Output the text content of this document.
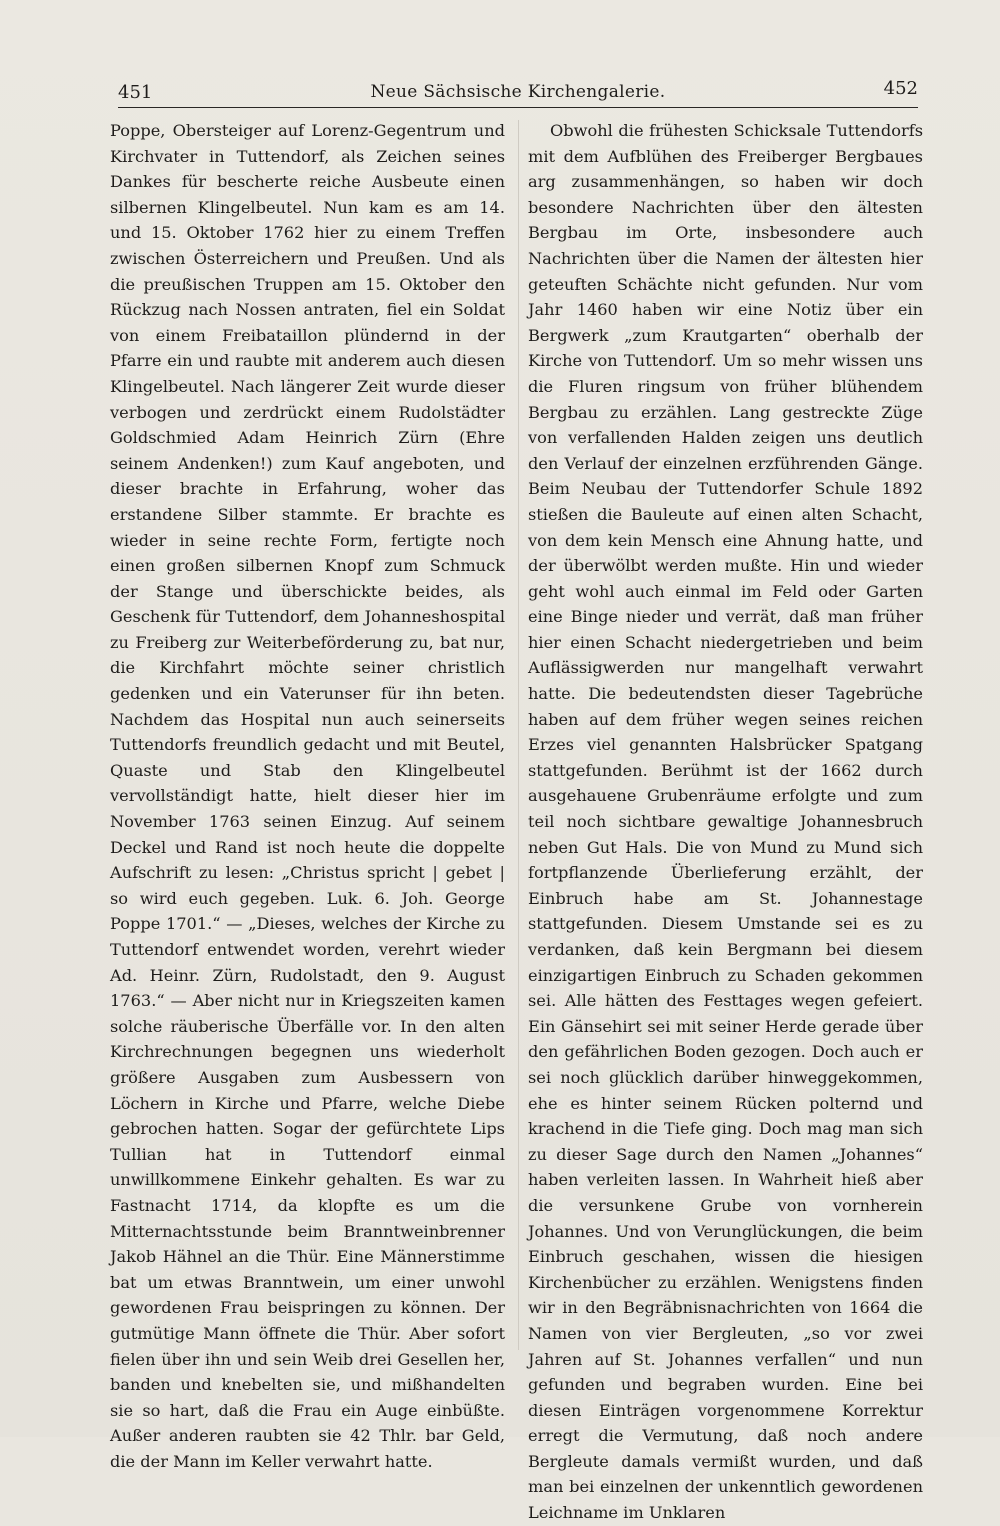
451	Neue Sächsische Kirchengalerie.	452

Poppe, Obersteiger auf Lorenz-Gegentrum und Kirchvater in Tuttendorf, als Zeichen seines Dankes für bescherte reiche Ausbeute einen silbernen Klingelbeutel. Nun kam es am 14. und 15. Oktober 1762 hier zu einem Treffen zwischen Österreichern und Preußen. Und als die preußischen Truppen am 15. Oktober den Rückzug nach Nossen antraten, fiel ein Soldat von einem Freibataillon plündernd in der Pfarre ein und raubte mit anderem auch diesen Klingelbeutel. Nach längerer Zeit wurde dieser verbogen und zerdrückt einem Rudolstädter Goldschmied Adam Heinrich Zürn (Ehre seinem Andenken!) zum Kauf angeboten, und dieser brachte in Erfahrung, woher das erstandene Silber stammte. Er brachte es wieder in seine rechte Form, fertigte noch einen großen silbernen Knopf zum Schmuck der Stange und überschickte beides, als Geschenk für Tuttendorf, dem Johanneshospital zu Freiberg zur Weiterbeförderung zu, bat nur, die Kirchfahrt möchte seiner christlich gedenken und ein Vaterunser für ihn beten. Nachdem das Hospital nun auch seinerseits Tuttendorfs freundlich gedacht und mit Beutel, Quaste und Stab den Klingelbeutel vervollständigt hatte, hielt dieser hier im November 1763 seinen Einzug. Auf seinem Deckel und Rand ist noch heute die doppelte Aufschrift zu lesen: „Christus spricht | gebet | so wird euch gegeben. Luk. 6. Joh. George Poppe 1701.“ — „Dieses, welches der Kirche zu Tuttendorf entwendet worden, verehrt wieder Ad. Heinr. Zürn, Rudolstadt, den 9. August 1763.“ — Aber nicht nur in Kriegszeiten kamen solche räuberische Überfälle vor. In den alten Kirchrechnungen begegnen uns wiederholt größere Ausgaben zum Ausbessern von Löchern in Kirche und Pfarre, welche Diebe gebrochen hatten. Sogar der gefürchtete Lips Tullian hat in Tuttendorf einmal unwillkommene Einkehr gehalten. Es war zu Fastnacht 1714, da klopfte es um die Mitternachtsstunde beim Branntweinbrenner Jakob Hähnel an die Thür. Eine Männerstimme bat um etwas Branntwein, um einer unwohl gewordenen Frau beispringen zu können. Der gutmütige Mann öffnete die Thür. Aber sofort fielen über ihn und sein Weib drei Gesellen her, banden und knebelten sie, und mißhandelten sie so hart, daß die Frau ein Auge einbüßte. Außer anderen raubten sie 42 Thlr. bar Geld, die der Mann im Keller verwahrt hatte.

Obwohl die frühesten Schicksale Tuttendorfs mit dem Aufblühen des Freiberger Bergbaues arg zusammenhängen, so haben wir doch besondere Nachrichten über den ältesten Bergbau im Orte, insbesondere auch Nachrichten über die Namen der ältesten hier geteuften Schächte nicht gefunden. Nur vom Jahr 1460 haben wir eine Notiz über ein Bergwerk „zum Krautgarten“ oberhalb der Kirche von Tuttendorf. Um so mehr wissen uns die Fluren ringsum von früher blühendem Bergbau zu erzählen. Lang gestreckte Züge von verfallenden Halden zeigen uns deutlich den Verlauf der einzelnen erzführenden Gänge. Beim Neubau der Tuttendorfer Schule 1892 stießen die Bauleute auf einen alten Schacht, von dem kein Mensch eine Ahnung hatte, und der überwölbt werden mußte. Hin und wieder geht wohl auch einmal im Feld oder Garten eine Binge nieder und verrät, daß man früher hier einen Schacht niedergetrieben und beim Auflässigwerden nur mangelhaft verwahrt hatte. Die bedeutendsten dieser Tagebrüche haben auf dem früher wegen seines reichen Erzes viel genannten Halsbrücker Spatgang stattgefunden. Berühmt ist der 1662 durch ausgehauene Grubenräume erfolgte und zum teil noch sichtbare gewaltige Johannesbruch neben Gut Hals. Die von Mund zu Mund sich fortpflanzende Überlieferung erzählt, der Einbruch habe am St. Johannestage stattgefunden. Diesem Umstande sei es zu verdanken, daß kein Bergmann bei diesem einzigartigen Einbruch zu Schaden gekommen sei. Alle hätten des Festtages wegen gefeiert. Ein Gänsehirt sei mit seiner Herde gerade über den gefährlichen Boden gezogen. Doch auch er sei noch glücklich darüber hinweggekommen, ehe es hinter seinem Rücken polternd und krachend in die Tiefe ging. Doch mag man sich zu dieser Sage durch den Namen „Johannes“ haben verleiten lassen. In Wahrheit hieß aber die versunkene Grube von vornherein Johannes. Und von Verunglückungen, die beim Einbruch geschahen, wissen die hiesigen Kirchenbücher zu erzählen. Wenigstens finden wir in den Begräbnisnachrichten von 1664 die Namen von vier Bergleuten, „so vor zwei Jahren auf St. Johannes verfallen“ und nun gefunden und begraben wurden. Eine bei diesen Einträgen vorgenommene Korrektur erregt die Vermutung, daß noch andere Bergleute damals vermißt wurden, und daß man bei einzelnen der unkenntlich gewordenen Leichname im Unklaren
